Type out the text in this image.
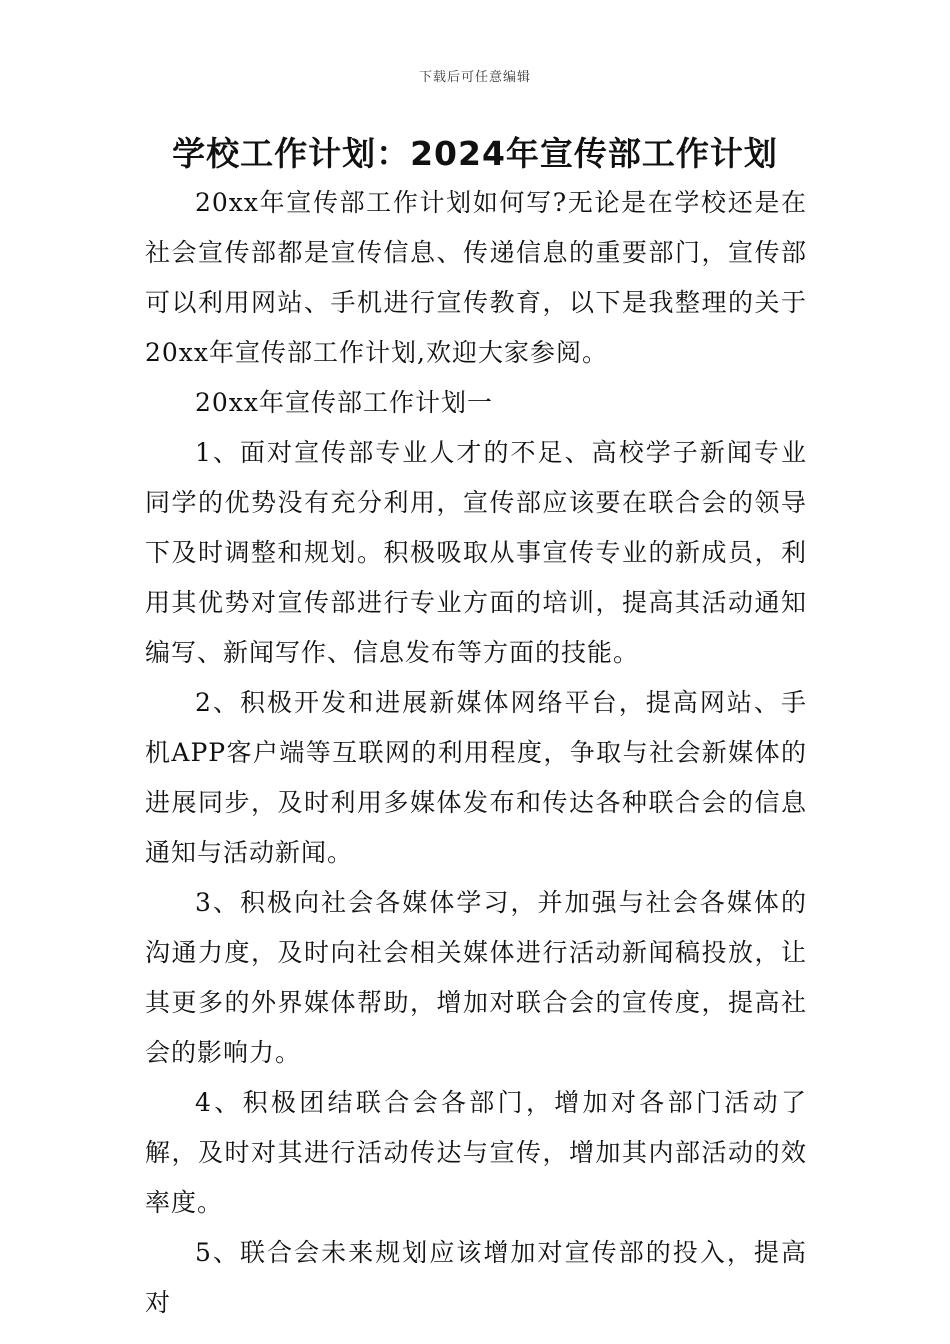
下载后可任意编辑
学校工作计划：2024年宣传部工作计划

20xx年宣传部工作计划如何写?无论是在学校还是在社会宣传部都是宣传信息、传递信息的重要部门，宣传部可以利用网站、手机进行宣传教育，以下是我整理的关于20xx年宣传部工作计划,欢迎大家参阅。

20xx年宣传部工作计划一

1、面对宣传部专业人才的不足、高校学子新闻专业同学的优势没有充分利用，宣传部应该要在联合会的领导下及时调整和规划。积极吸取从事宣传专业的新成员，利用其优势对宣传部进行专业方面的培训，提高其活动通知编写、新闻写作、信息发布等方面的技能。

2、积极开发和进展新媒体网络平台，提高网站、手机APP客户端等互联网的利用程度，争取与社会新媒体的进展同步，及时利用多媒体发布和传达各种联合会的信息通知与活动新闻。

3、积极向社会各媒体学习，并加强与社会各媒体的沟通力度，及时向社会相关媒体进行活动新闻稿投放，让其更多的外界媒体帮助，增加对联合会的宣传度，提高社会的影响力。

4、积极团结联合会各部门，增加对各部门活动了解，及时对其进行活动传达与宣传，增加其内部活动的效率度。

5、联合会未来规划应该增加对宣传部的投入，提高对
